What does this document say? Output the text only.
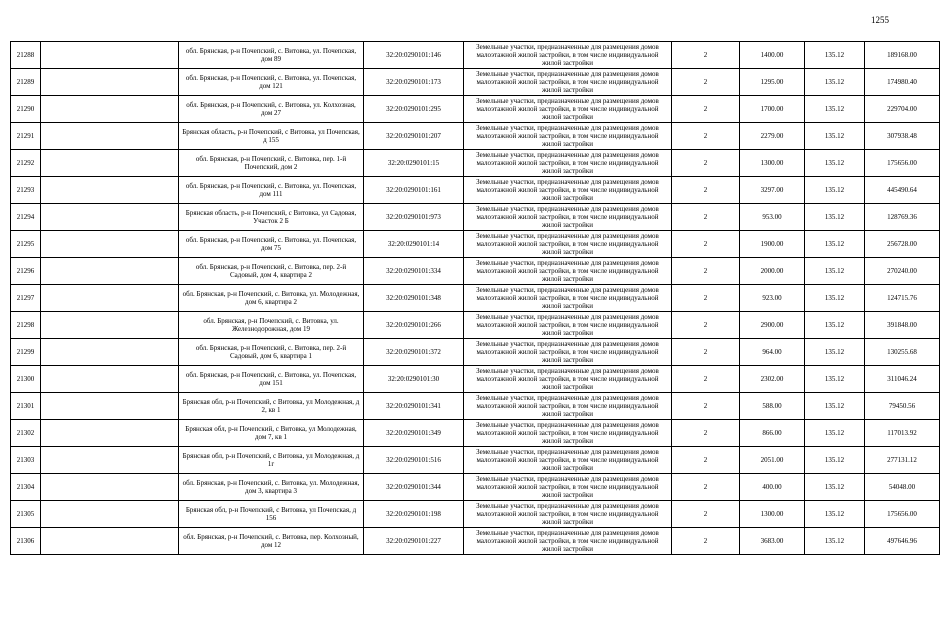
1255
21288		обл. Брянская, р-н Почепский, с. Витовка, ул. Почепская, дом 89	32:20:0290101:146	Земельные участки, предназначенные для размещения домов малоэтажной жилой застройки, в том числе индивидуальной жилой застройки	2	1400.00	135.12	189168.00
21289		обл. Брянская, р-н Почепский, с. Витовка, ул. Почепская, дом 121	32:20:0290101:173	Земельные участки, предназначенные для размещения домов малоэтажной жилой застройки, в том числе индивидуальной жилой застройки	2	1295.00	135.12	174980.40
21290		обл. Брянская, р-н Почепский, с. Витовка, ул. Колхозная, дом 27	32:20:0290101:295	Земельные участки, предназначенные для размещения домов малоэтажной жилой застройки, в том числе индивидуальной жилой застройки	2	1700.00	135.12	229704.00
21291		Брянская область, р-н Почепский, с Витовка, ул Почепская, д 155	32:20:0290101:207	Земельные участки, предназначенные для размещения домов малоэтажной жилой застройки, в том числе индивидуальной жилой застройки	2	2279.00	135.12	307938.48
21292		обл. Брянская, р-н Почепский, с. Витовка, пер. 1-й Почепский, дом 2	32:20:0290101:15	Земельные участки, предназначенные для размещения домов малоэтажной жилой застройки, в том числе индивидуальной жилой застройки	2	1300.00	135.12	175656.00
21293		обл. Брянская, р-н Почепский, с. Витовка, ул. Почепская, дом 111	32:20:0290101:161	Земельные участки, предназначенные для размещения домов малоэтажной жилой застройки, в том числе индивидуальной жилой застройки	2	3297.00	135.12	445490.64
21294		Брянская область, р-н Почепский, с Витовка, ул Садовая, Участок 2 Б	32:20:0290101:973	Земельные участки, предназначенные для размещения домов малоэтажной жилой застройки, в том числе индивидуальной жилой застройки	2	953.00	135.12	128769.36
21295		обл. Брянская, р-н Почепский, с. Витовка, ул. Почепская, дом 75	32:20:0290101:14	Земельные участки, предназначенные для размещения домов малоэтажной жилой застройки, в том числе индивидуальной жилой застройки	2	1900.00	135.12	256728.00
21296		обл. Брянская, р-н Почепский, с. Витовка, пер. 2-й Садовый, дом 4, квартира 2	32:20:0290101:334	Земельные участки, предназначенные для размещения домов малоэтажной жилой застройки, в том числе индивидуальной жилой застройки	2	2000.00	135.12	270240.00
21297		обл. Брянская, р-н Почепский, с. Витовка, ул. Молодежная, дом 6, квартира 2	32:20:0290101:348	Земельные участки, предназначенные для размещения домов малоэтажной жилой застройки, в том числе индивидуальной жилой застройки	2	923.00	135.12	124715.76
21298		обл. Брянская, р-н Почепский, с. Витовка, ул. Железнодорожная, дом 19	32:20:0290101:266	Земельные участки, предназначенные для размещения домов малоэтажной жилой застройки, в том числе индивидуальной жилой застройки	2	2900.00	135.12	391848.00
21299		обл. Брянская, р-н Почепский, с. Витовка, пер. 2-й Садовый, дом 6, квартира 1	32:20:0290101:372	Земельные участки, предназначенные для размещения домов малоэтажной жилой застройки, в том числе индивидуальной жилой застройки	2	964.00	135.12	130255.68
21300		обл. Брянская, р-н Почепский, с. Витовка, ул. Почепская, дом 151	32:20:0290101:30	Земельные участки, предназначенные для размещения домов малоэтажной жилой застройки, в том числе индивидуальной жилой застройки	2	2302.00	135.12	311046.24
21301		Брянская обл, р-н Почепский, с Витовка, ул Молодежная, д 2, кв 1	32:20:0290101:341	Земельные участки, предназначенные для размещения домов малоэтажной жилой застройки, в том числе индивидуальной жилой застройки	2	588.00	135.12	79450.56
21302		Брянская обл, р-н Почепский, с Витовка, ул Молодежная, дом 7, кв 1	32:20:0290101:349	Земельные участки, предназначенные для размещения домов малоэтажной жилой застройки, в том числе индивидуальной жилой застройки	2	866.00	135.12	117013.92
21303		Брянская обл, р-н Почепский, с Витовка, ул Молодежная, д 1г	32:20:0290101:516	Земельные участки, предназначенные для размещения домов малоэтажной жилой застройки, в том числе индивидуальной жилой застройки	2	2051.00	135.12	277131.12
21304		обл. Брянская, р-н Почепский, с. Витовка, ул. Молодежная, дом 3, квартира 3	32:20:0290101:344	Земельные участки, предназначенные для размещения домов малоэтажной жилой застройки, в том числе индивидуальной жилой застройки	2	400.00	135.12	54048.00
21305		Брянская обл, р-н Почепский, с Витовка, ул Почепская, д 156	32:20:0290101:198	Земельные участки, предназначенные для размещения домов малоэтажной жилой застройки, в том числе индивидуальной жилой застройки	2	1300.00	135.12	175656.00
21306		обл. Брянская, р-н Почепский, с. Витовка, пер. Колхозный, дом 12	32:20:0290101:227	Земельные участки, предназначенные для размещения домов малоэтажной жилой застройки, в том числе индивидуальной жилой застройки	2	3683.00	135.12	497646.96
